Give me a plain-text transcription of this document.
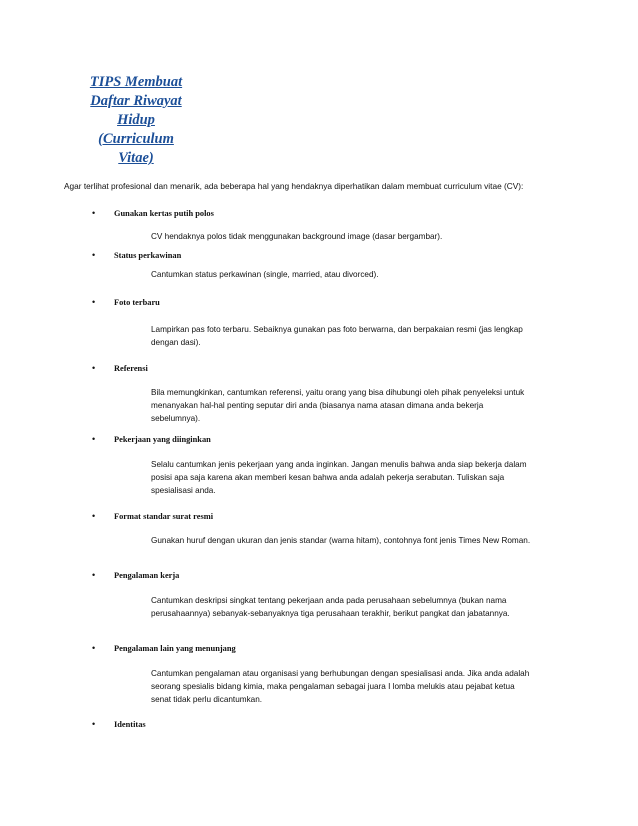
TIPS Membuat
Daftar Riwayat
Hidup
(Curriculum
Vitae)
Agar terlihat profesional dan menarik, ada beberapa hal yang hendaknya diperhatikan dalam membuat curriculum vitae (CV):
• Gunakan kertas putih polos
CV hendaknya polos tidak menggunakan background image (dasar bergambar).
• Status perkawinan
Cantumkan status perkawinan (single, married, atau divorced).
• Foto terbaru
Lampirkan pas foto terbaru. Sebaiknya gunakan pas foto berwarna, dan berpakaian resmi (jas lengkap dengan dasi).
• Referensi
Bila memungkinkan, cantumkan referensi, yaitu orang yang bisa dihubungi oleh pihak penyeleksi untuk menanyakan hal-hal penting seputar diri anda (biasanya nama atasan dimana anda bekerja sebelumnya).
• Pekerjaan yang diinginkan
Selalu cantumkan jenis pekerjaan yang anda inginkan. Jangan menulis bahwa anda siap bekerja dalam posisi apa saja karena akan memberi kesan bahwa anda adalah pekerja serabutan. Tuliskan saja spesialisasi anda.
• Format standar surat resmi
Gunakan huruf dengan ukuran dan jenis standar (warna hitam), contohnya font jenis Times New Roman.
• Pengalaman kerja
Cantumkan deskripsi singkat tentang pekerjaan anda pada perusahaan sebelumnya (bukan nama perusahaannya) sebanyak-sebanyaknya tiga perusahaan terakhir, berikut pangkat dan jabatannya.
• Pengalaman lain yang menunjang
Cantumkan pengalaman atau organisasi yang berhubungan dengan spesialisasi anda. Jika anda adalah seorang spesialis bidang kimia, maka pengalaman sebagai juara I lomba melukis atau pejabat ketua senat tidak perlu dicantumkan.
• Identitas
